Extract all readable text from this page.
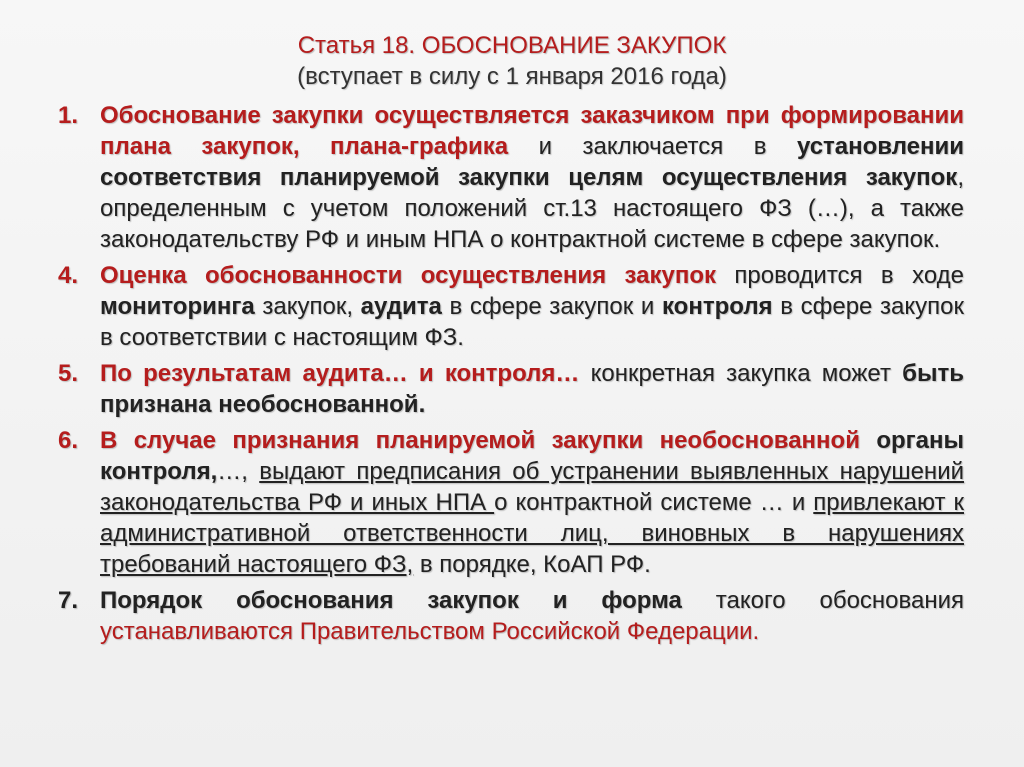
Статья 18. ОБОСНОВАНИЕ ЗАКУПОК
(вступает в силу с 1 января 2016 года)
1. Обоснование закупки осуществляется заказчиком при формировании плана закупок, плана-графика и заключается в установлении соответствия планируемой закупки целям осуществления закупок, определенным с учетом положений ст.13 настоящего ФЗ (…), а также законодательству РФ и иным НПА о контрактной системе в сфере закупок.
4. Оценка обоснованности осуществления закупок проводится в ходе мониторинга закупок, аудита в сфере закупок и контроля в сфере закупок в соответствии с настоящим ФЗ.
5. По результатам аудита… и контроля… конкретная закупка может быть признана необоснованной.
6. В случае признания планируемой закупки необоснованной органы контроля,…, выдают предписания об устранении выявленных нарушений законодательства РФ и иных НПА о контрактной системе … и привлекают к административной ответственности лиц, виновных в нарушениях требований настоящего ФЗ, в порядке, КоАП РФ.
7. Порядок обоснования закупок и форма такого обоснования устанавливаются Правительством Российской Федерации.
